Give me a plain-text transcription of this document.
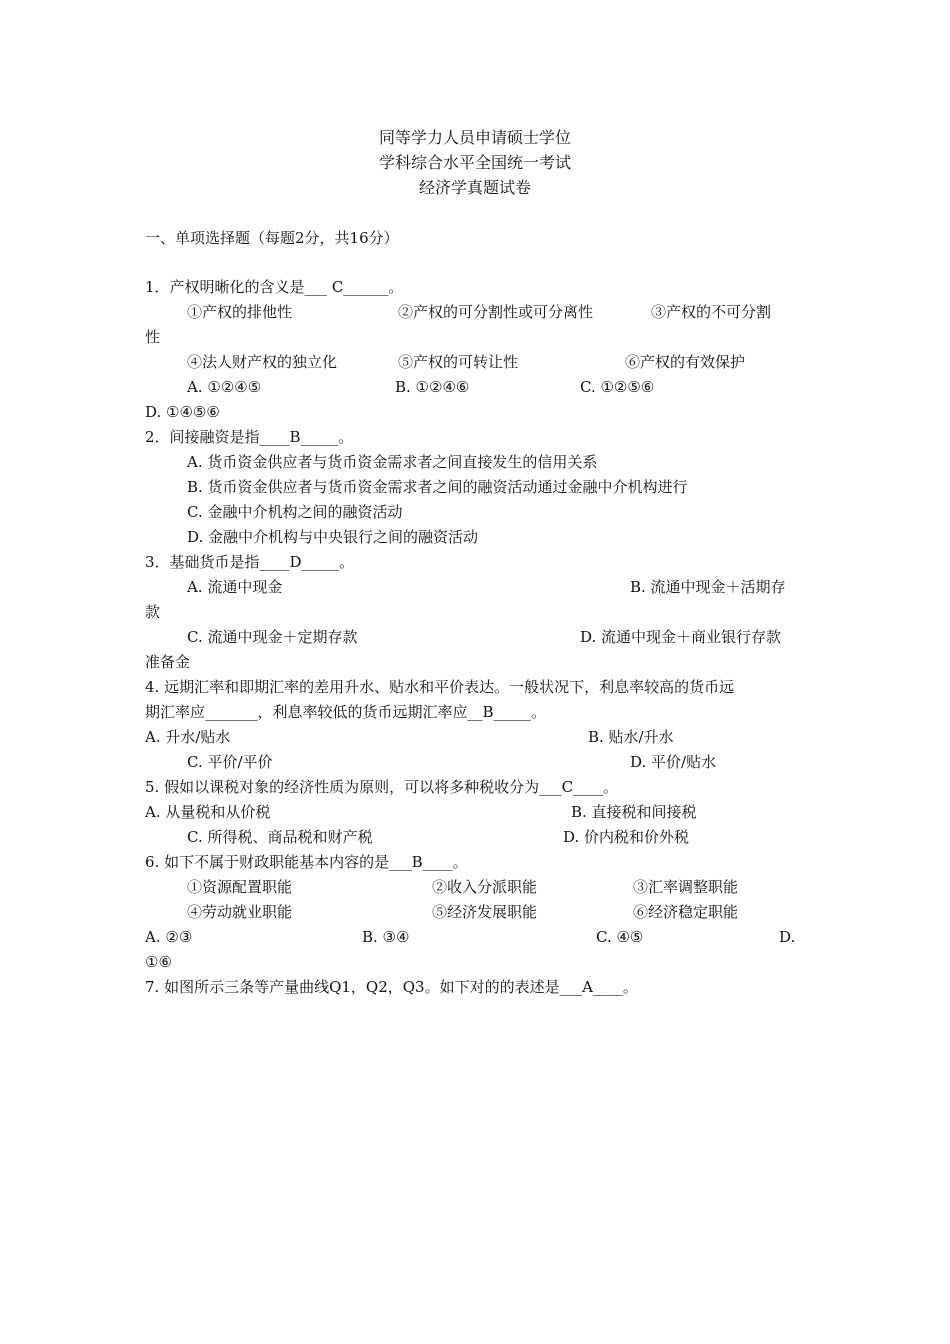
同等学力人员申请硕士学位
学科综合水平全国统一考试
经济学真题试卷
一、单项选择题（每题2分，共16分）
1．产权明晰化的含义是___ C______。
①产权的排他性	②产权的可分割性或可分离性	③产权的不可分割
性
④法人财产权的独立化	⑤产权的可转让性	⑥产权的有效保护
A. ①②④⑤	B. ①②④⑥	C. ①②⑤⑥
D. ①④⑤⑥
2．间接融资是指____B_____。
A. 货币资金供应者与货币资金需求者之间直接发生的信用关系
B. 货币资金供应者与货币资金需求者之间的融资活动通过金融中介机构进行
C. 金融中介机构之间的融资活动
D. 金融中介机构与中央银行之间的融资活动
3．基础货币是指____D_____。
A. 流通中现金	B. 流通中现金＋活期存
款
C. 流通中现金＋定期存款	D. 流通中现金＋商业银行存款
准备金
4. 远期汇率和即期汇率的差用升水、贴水和平价表达。一般状况下，利息率较高的货币远
期汇率应_______，利息率较低的货币远期汇率应__B_____。
A. 升水/贴水	B. 贴水/升水
C. 平价/平价	D. 平价/贴水
5. 假如以课税对象的经济性质为原则，可以将多种税收分为___C____。
A. 从量税和从价税	B. 直接税和间接税
C. 所得税、商品税和财产税	D. 价内税和价外税
6. 如下不属于财政职能基本内容的是___B____。
①资源配置职能	②收入分派职能	③汇率调整职能
④劳动就业职能	⑤经济发展职能	⑥经济稳定职能
A. ②③	B. ③④	C. ④⑤	D.
①⑥
7. 如图所示三条等产量曲线Q1，Q2，Q3。如下对的的表述是___A____。
